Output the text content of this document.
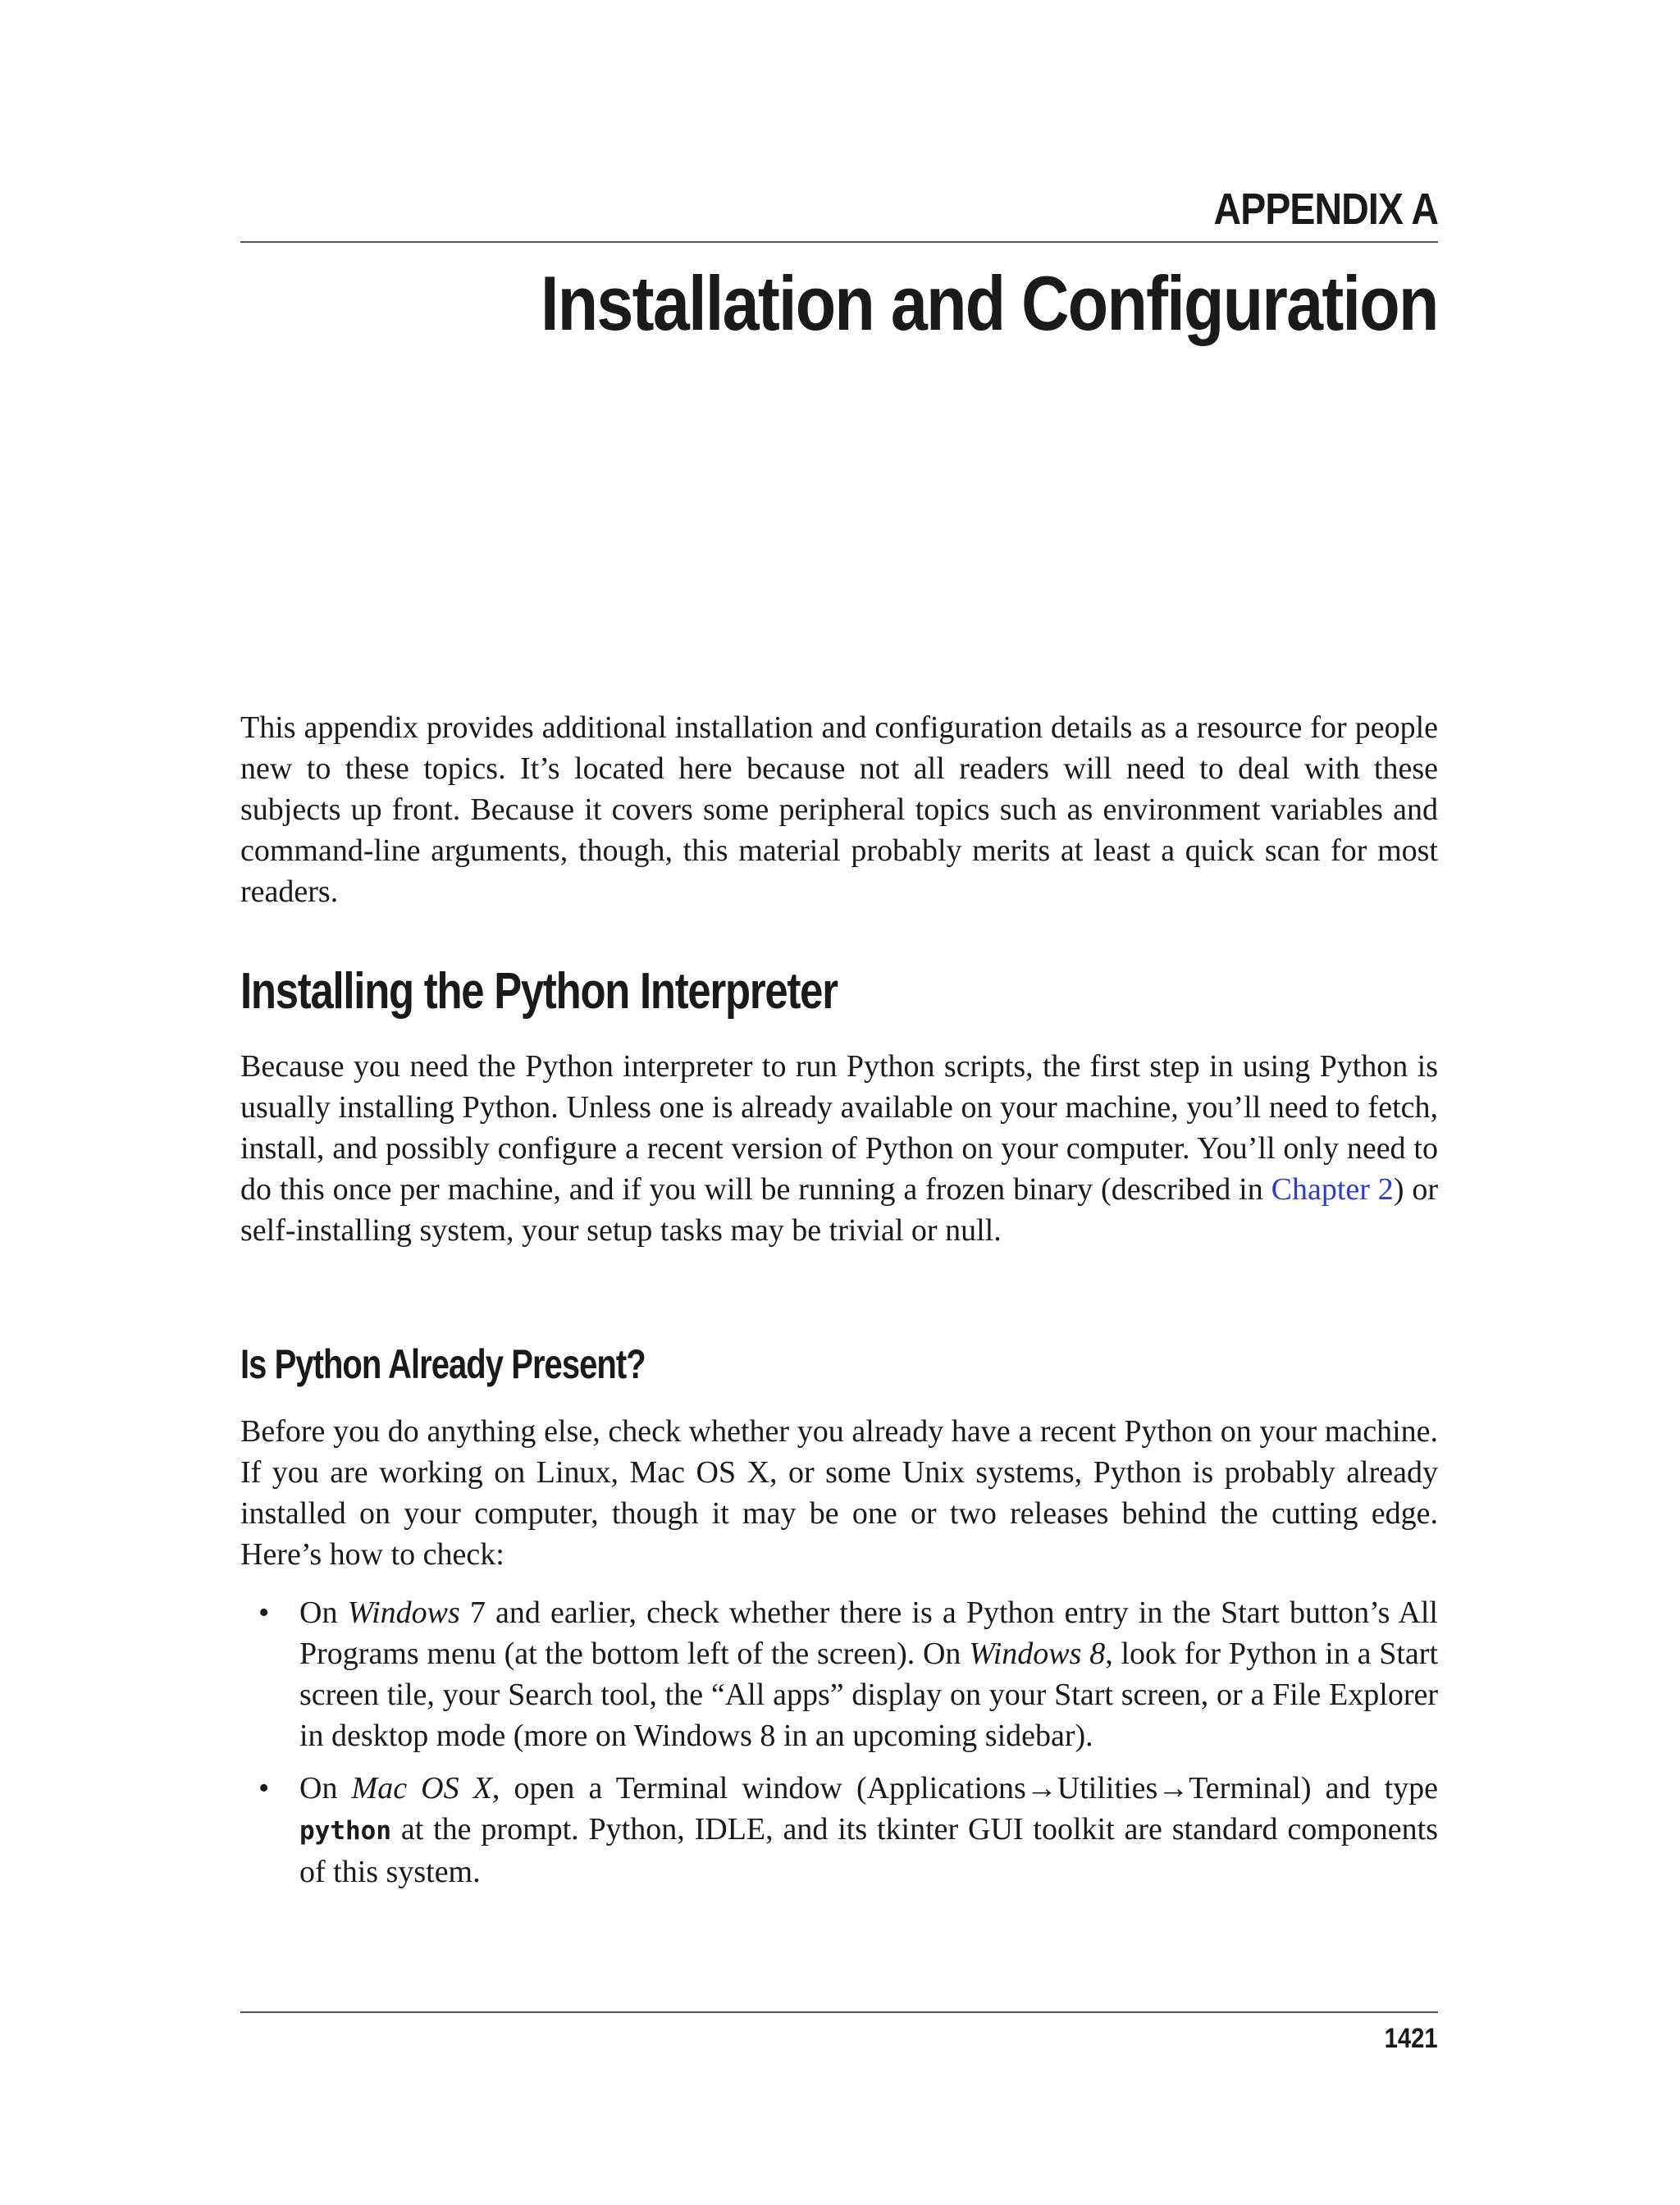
APPENDIX A
Installation and Configuration

This appendix provides additional installation and configuration details as a resource for people new to these topics. It’s located here because not all readers will need to deal with these subjects up front. Because it covers some peripheral topics such as environment variables and command-line arguments, though, this material probably merits at least a quick scan for most readers.

Installing the Python Interpreter

Because you need the Python interpreter to run Python scripts, the first step in using Python is usually installing Python. Unless one is already available on your machine, you’ll need to fetch, install, and possibly configure a recent version of Python on your computer. You’ll only need to do this once per machine, and if you will be running a frozen binary (described in Chapter 2) or self-installing system, your setup tasks may be trivial or null.

Is Python Already Present?

Before you do anything else, check whether you already have a recent Python on your machine. If you are working on Linux, Mac OS X, or some Unix systems, Python is probably already installed on your computer, though it may be one or two releases behind the cutting edge. Here’s how to check:

• On Windows 7 and earlier, check whether there is a Python entry in the Start button’s All Programs menu (at the bottom left of the screen). On Windows 8, look for Python in a Start screen tile, your Search tool, the “All apps” display on your Start screen, or a File Explorer in desktop mode (more on Windows 8 in an upcoming sidebar).
• On Mac OS X, open a Terminal window (Applications→Utilities→Terminal) and type python at the prompt. Python, IDLE, and its tkinter GUI toolkit are standard components of this system.
1421
